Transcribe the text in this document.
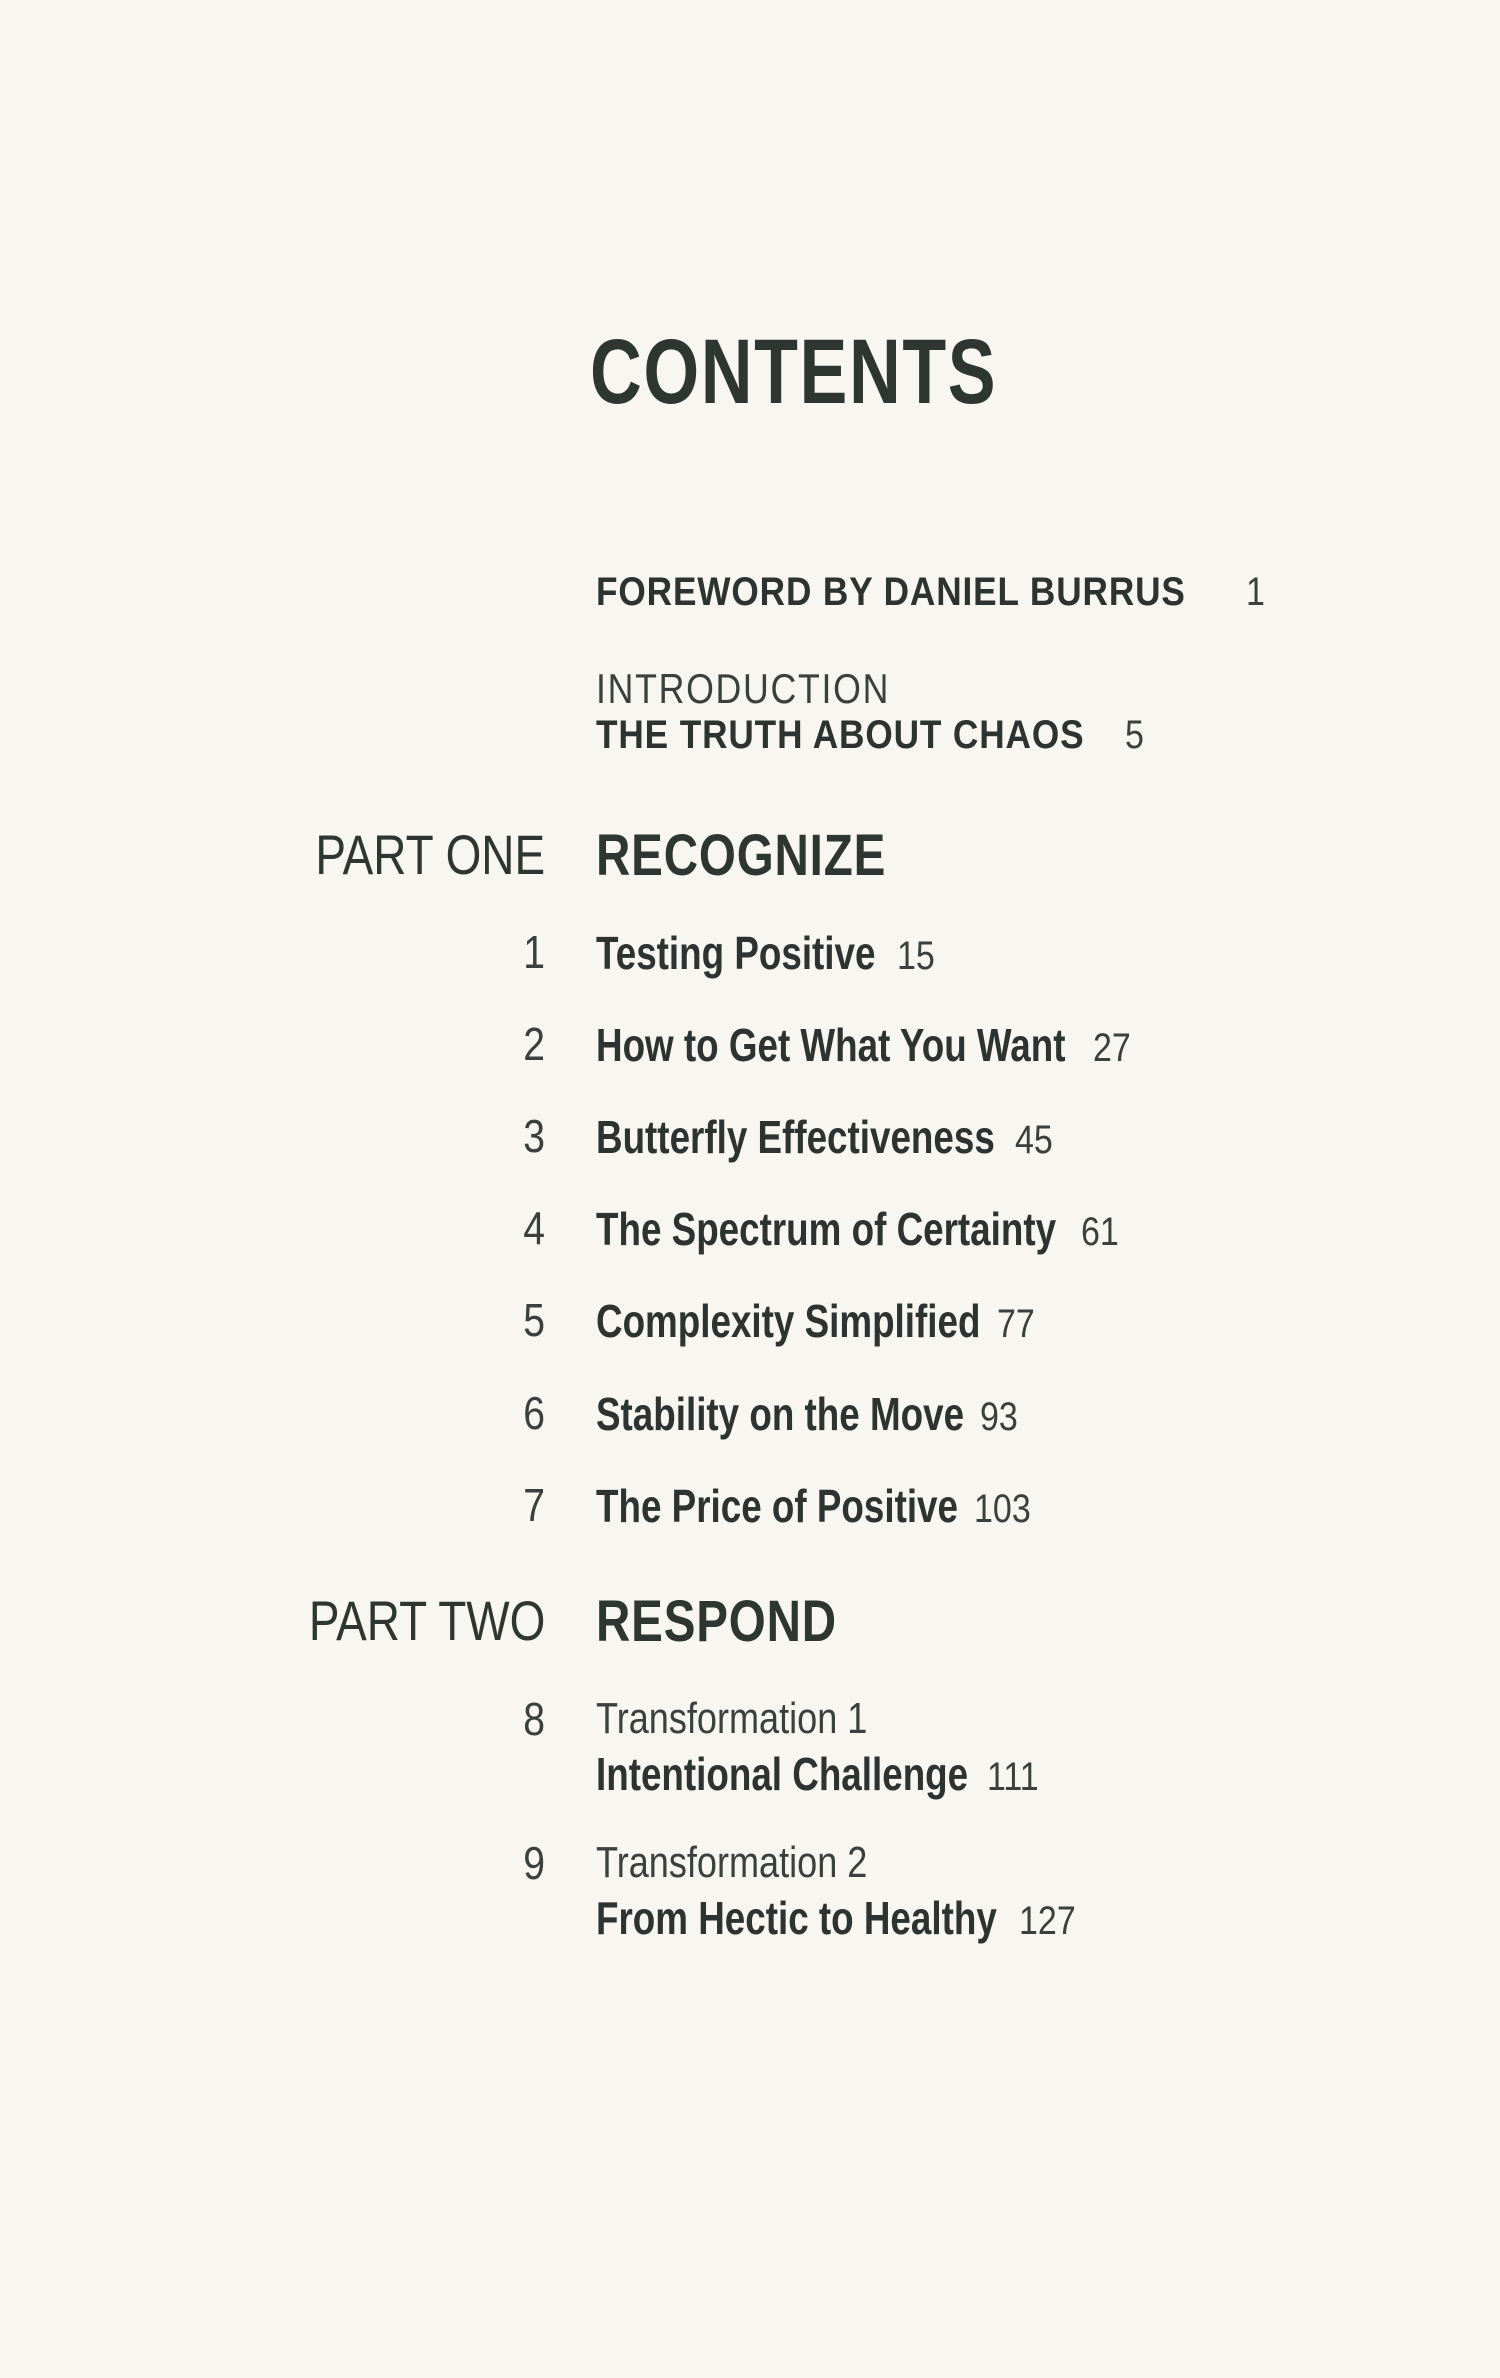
CONTENTS
FOREWORD BY DANIEL BURRUS 1
INTRODUCTION
THE TRUTH ABOUT CHAOS 5
PART ONE RECOGNIZE
1 Testing Positive 15
2 How to Get What You Want 27
3 Butterfly Effectiveness 45
4 The Spectrum of Certainty 61
5 Complexity Simplified 77
6 Stability on the Move 93
7 The Price of Positive 103
PART TWO RESPOND
8 Transformation 1
Intentional Challenge 111
9 Transformation 2
From Hectic to Healthy 127
